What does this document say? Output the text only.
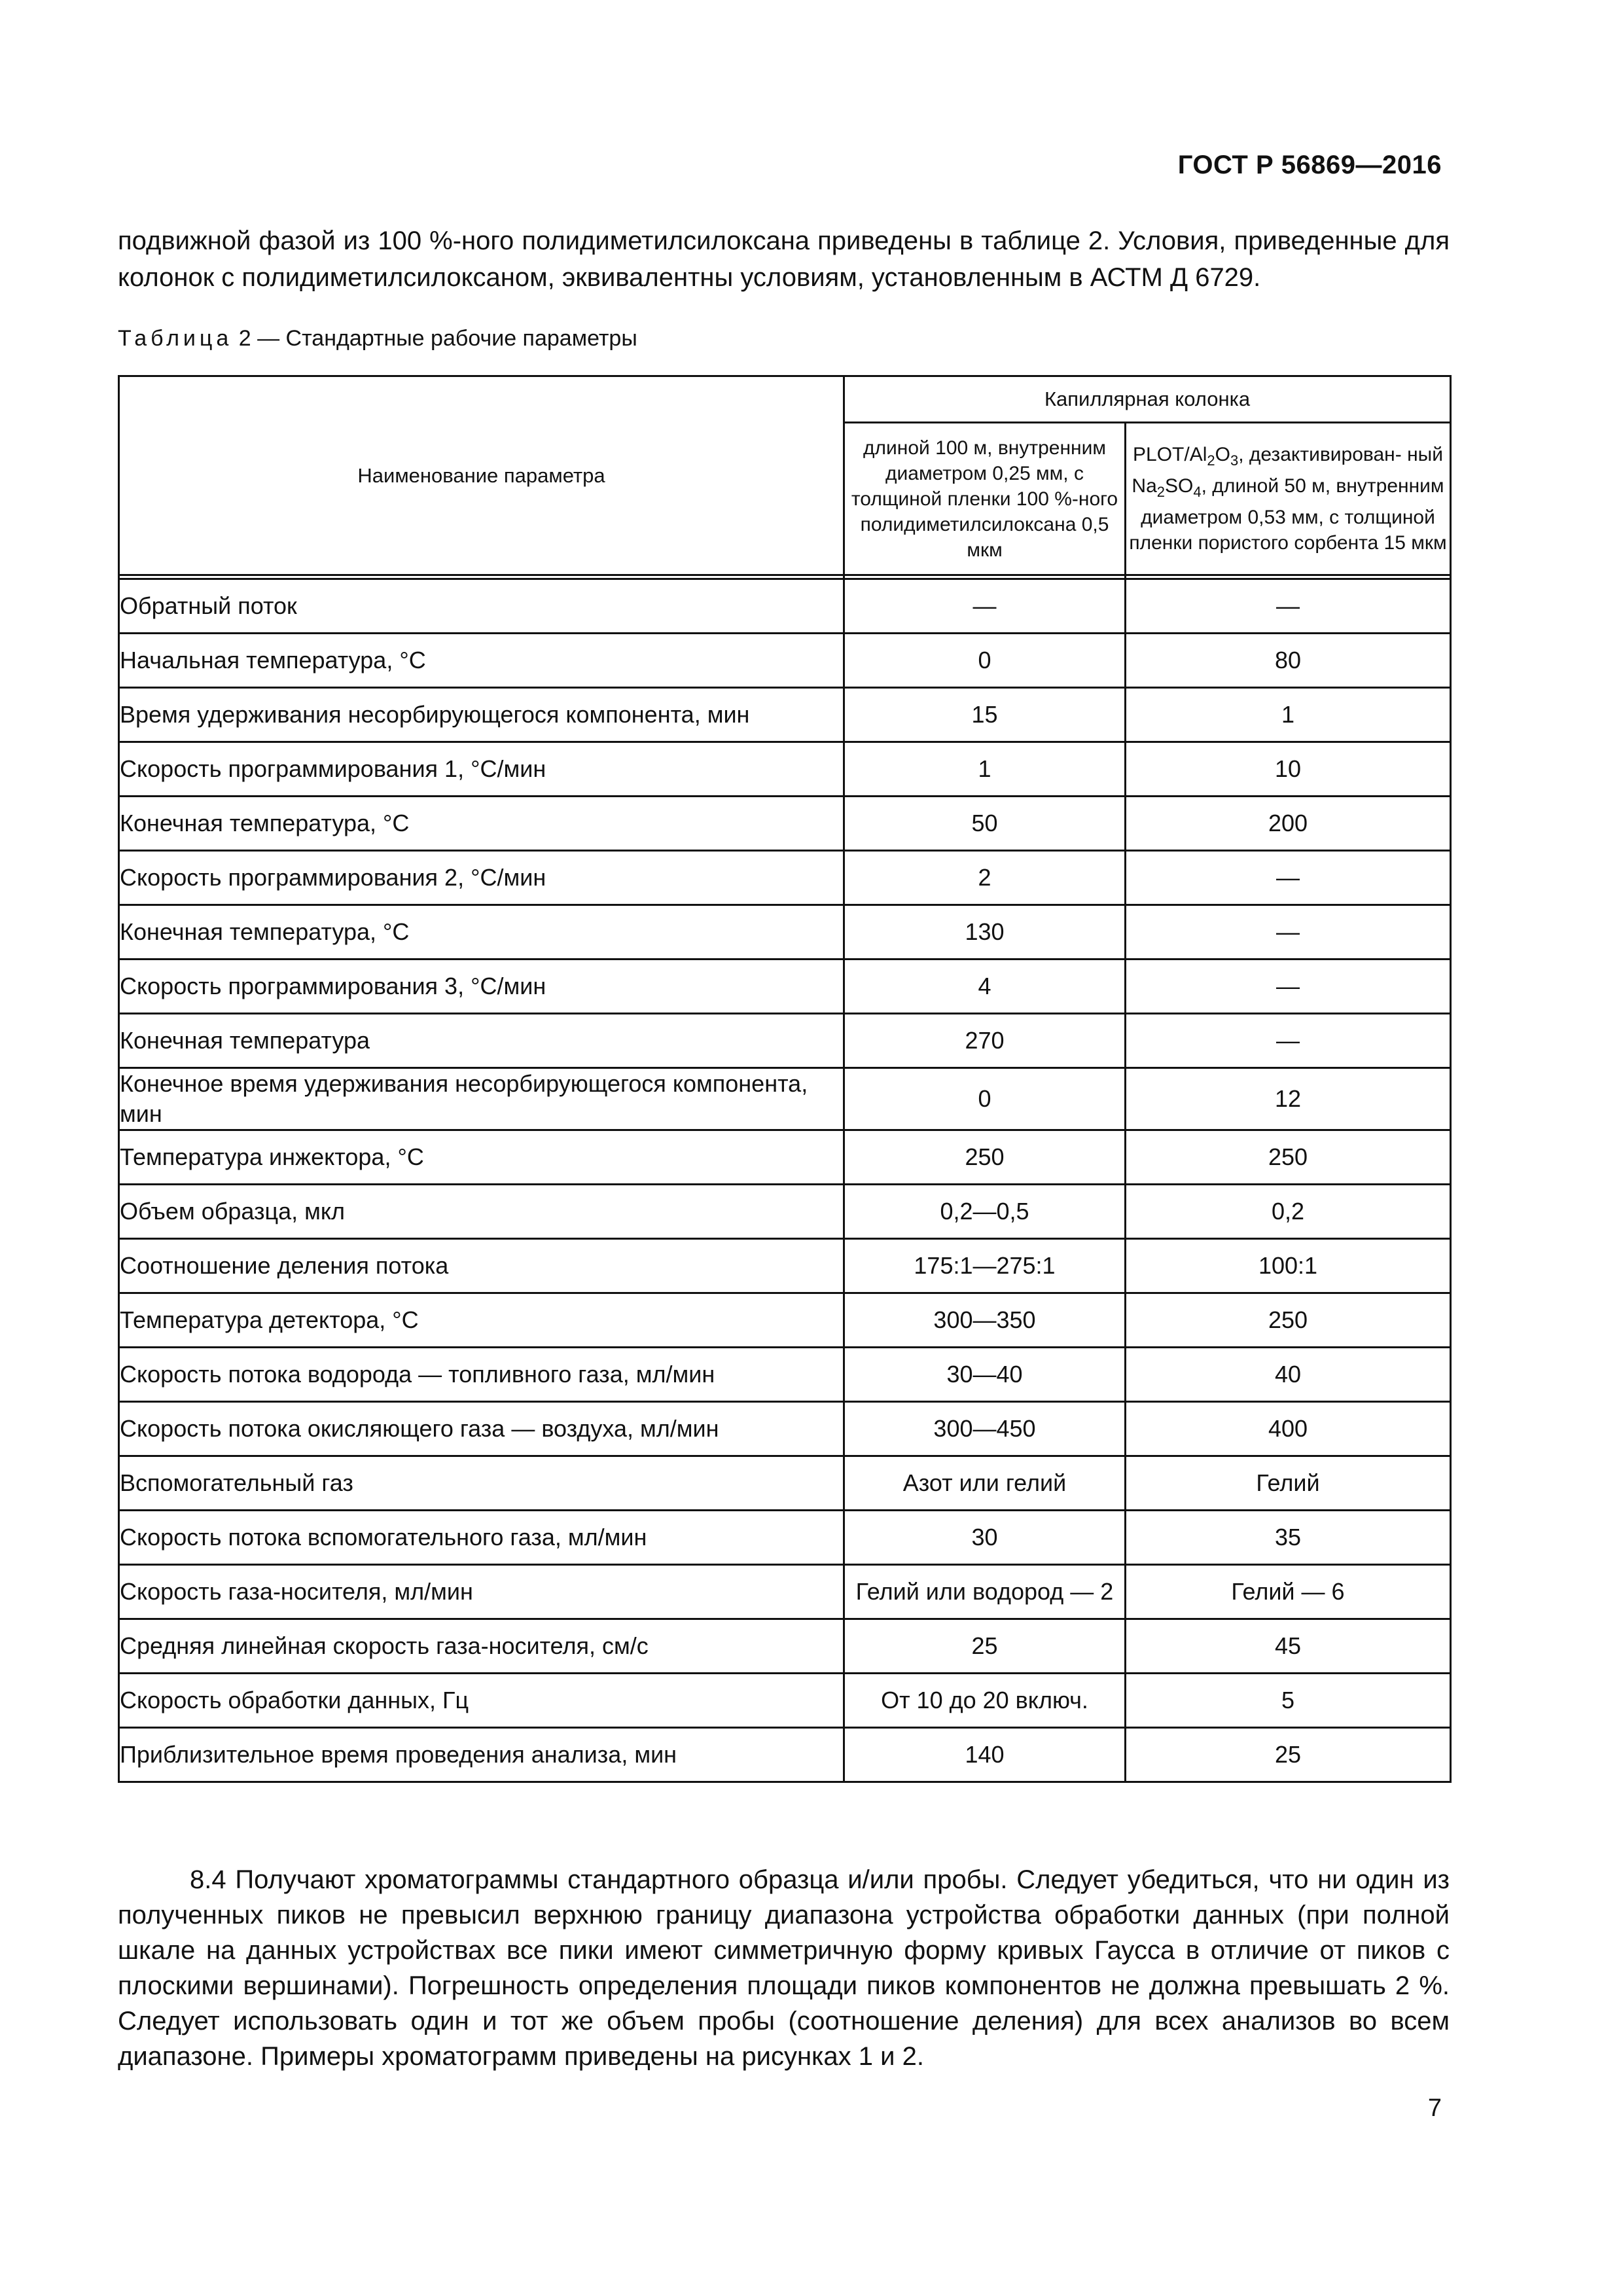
ГОСТ Р 56869—2016

подвижной фазой из 100 %-ного полидиметилсилоксана приведены в таблице 2. Условия, приведенные для колонок с полидиметилсилоксаном, эквивалентны условиям, установленным в АСТМ Д 6729.

Таблица 2 — Стандартные рабочие параметры
Наименование параметра	Капиллярная колонка	
	длиной 100 м, внутренним диаметром 0,25 мм, с толщиной пленки 100 %-ного полидиметилсилоксана 0,5 мкм	PLOT/$Al_2O_3$, дезактивирован- ный $Na_2SO_4$, длиной 50 м, внутренним диаметром 0,53 мм, с толщиной пленки пористого сорбента 15 мкм

Обратный поток	—	—
Начальная температура, °С	0	80
Время удерживания несорбирующегося компонента, мин	15	1
Скорость программирования 1, °С/мин	1	10
Конечная температура, °С	50	200
Скорость программирования 2, °С/мин	2	—
Конечная температура, °С	130	—
Скорость программирования 3, °С/мин	4	—
Конечная температура	270	—
Конечное время удерживания несорбирующегося компонента, мин	0	12
Температура инжектора, °С	250	250
Объем образца, мкл	0,2—0,5	0,2
Соотношение деления потока	175:1—275:1	100:1
Температура детектора, °С	300—350	250
Скорость потока водорода — топливного газа, мл/мин	30—40	40
Скорость потока окисляющего газа — воздуха, мл/мин	300—450	400
Вспомогательный газ	Азот или гелий	Гелий
Скорость потока вспомогательного газа, мл/мин	30	35
Скорость газа-носителя, мл/мин	Гелий или водород — 2	Гелий — 6
Средняя линейная скорость газа-носителя, см/с	25	45
Скорость обработки данных, Гц	От 10 до 20 включ.	5
Приблизительное время проведения анализа, мин	140	25

8.4 Получают хроматограммы стандартного образца и/или пробы. Следует убедиться, что ни один из полученных пиков не превысил верхнюю границу диапазона устройства обработки данных (при полной шкале на данных устройствах все пики имеют симметричную форму кривых Гаусса в отличие от пиков с плоскими вершинами). Погрешность определения площади пиков компонентов не должна превышать 2 %. Следует использовать один и тот же объем пробы (соотношение деления) для всех анализов во всем диапазоне. Примеры хроматограмм приведены на рисунках 1 и 2.

7
